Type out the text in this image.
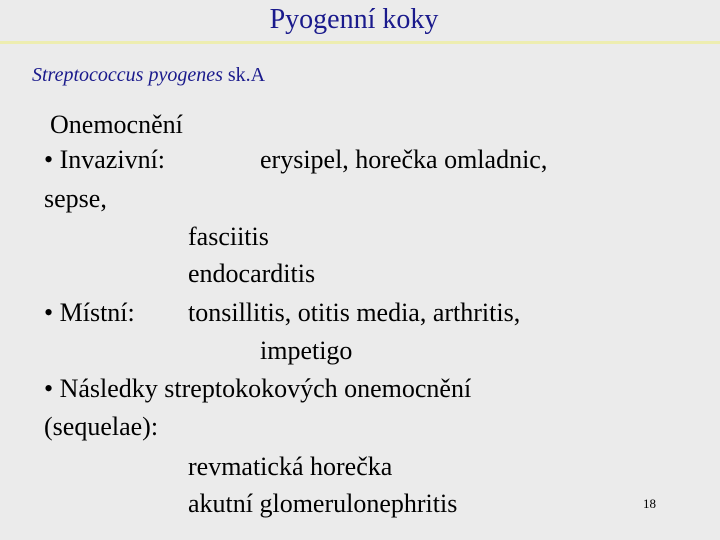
Pyogenní koky
Streptococcus pyogenes sk.A
Onemocnění
• Invazivní:	erysipel, horečka omladnic,
sepse,
fasciitis
endocarditis
• Místní: tonsillitis, otitis media, arthritis,
impetigo
• Následky streptokokových onemocnění
(sequelae):
revmatická horečka
akutní glomerulonephritis	18
